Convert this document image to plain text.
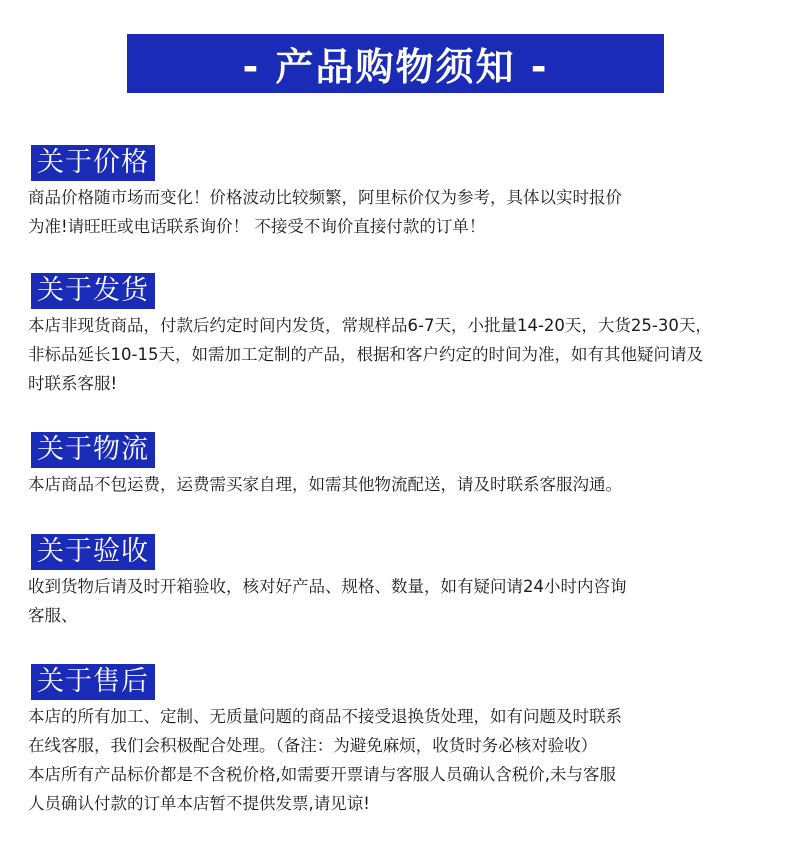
- 产品购物须知 -
关于价格

商品价格随市场而变化！价格波动比较频繁，阿里标价仅为参考，具体以实时报价

为准!请旺旺或电话联系询价！ 不接受不询价直接付款的订单！

关于发货

本店非现货商品，付款后约定时间内发货，常规样品6-7天，小批量14-20天，大货25-30天，

非标品延长10-15天，如需加工定制的产品，根据和客户约定的时间为准，如有其他疑问请及

时联系客服!

关于物流

本店商品不包运费，运费需买家自理，如需其他物流配送，请及时联系客服沟通。

关于验收

收到货物后请及时开箱验收，核对好产品、规格、数量，如有疑问请24小时内咨询

客服、

关于售后

本店的所有加工、定制、无质量问题的商品不接受退换货处理，如有问题及时联系

在线客服，我们会积极配合处理。（备注：为避免麻烦，收货时务必核对验收）

本店所有产品标价都是不含税价格,如需要开票请与客服人员确认含税价,未与客服

人员确认付款的订单本店暂不提供发票,请见谅!
